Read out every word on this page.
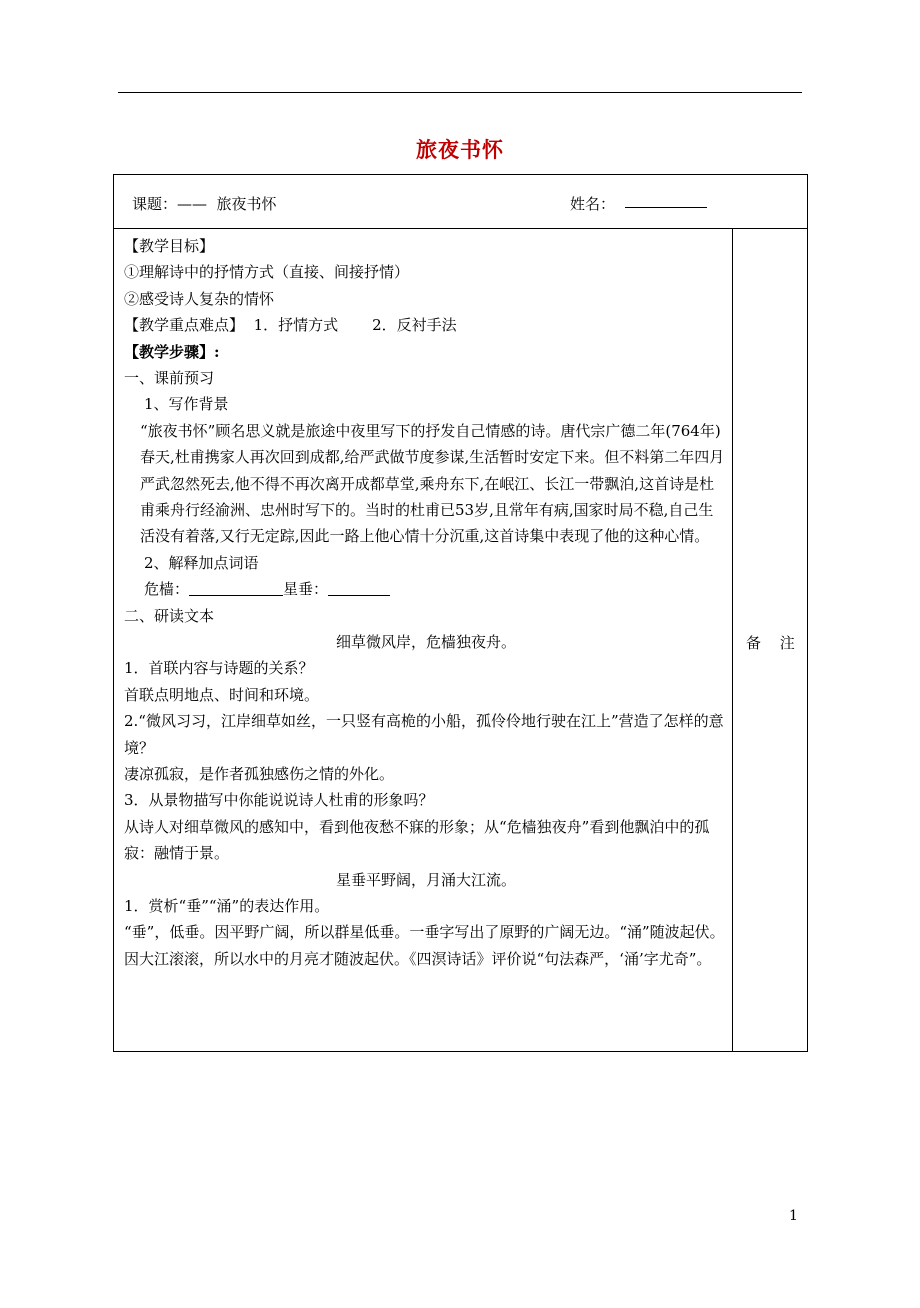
旅夜书怀
课题：——  旅夜书怀	姓名：
备 注
【教学目标】
①理解诗中的抒情方式（直接、间接抒情）
②感受诗人复杂的情怀
【教学重点难点】 1．抒情方式 2．反衬手法
【教学步骤】:
一、课前预习
1、写作背景
“旅夜书怀”顾名思义就是旅途中夜里写下的抒发自己情感的诗。唐代宗广德二年(764年)春天,杜甫携家人再次回到成都,给严武做节度参谋,生活暂时安定下来。但不料第二年四月严武忽然死去,他不得不再次离开成都草堂,乘舟东下,在岷江、长江一带飘泊,这首诗是杜甫乘舟行经渝洲、忠州时写下的。当时的杜甫已53岁,且常年有病,国家时局不稳,自己生活没有着落,又行无定踪,因此一路上他心情十分沉重,这首诗集中表现了他的这种心情。
2、解释加点词语
危樯：	星垂：
二、研读文本
细草微风岸，危樯独夜舟。
1．首联内容与诗题的关系？
首联点明地点、时间和环境。
2.“微风习习，江岸细草如丝，一只竖有高桅的小船，孤伶伶地行驶在江上”营造了怎样的意境？
凄凉孤寂，是作者孤独感伤之情的外化。
3．从景物描写中你能说说诗人杜甫的形象吗？
从诗人对细草微风的感知中，看到他夜愁不寐的形象；从“危樯独夜舟”看到他飘泊中的孤寂：融情于景。
星垂平野阔，月涌大江流。
1．赏析“垂”“涌”的表达作用。
“垂”，低垂。因平野广阔，所以群星低垂。一垂字写出了原野的广阔无边。“涌”随波起伏。因大江滚滚，所以水中的月亮才随波起伏。《四溟诗话》评价说“句法森严，‘涌’字尤奇”。
1
